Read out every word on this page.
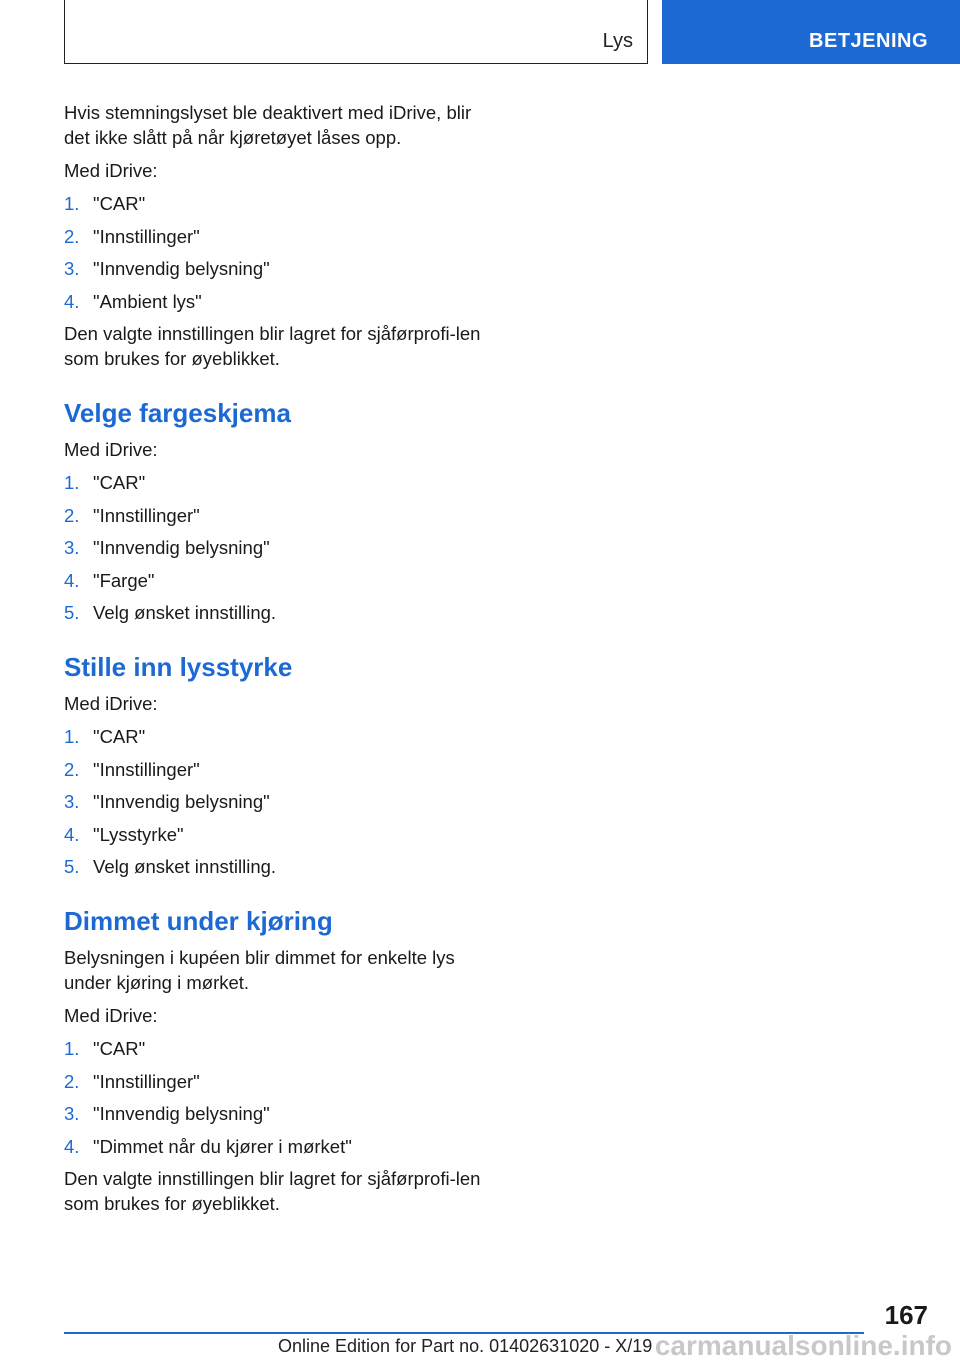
Lys	BETJENING

Hvis stemningslyset ble deaktivert med iDrive, blir det ikke slått på når kjøretøyet låses opp.

Med iDrive:

1. "CAR"
2. "Innstillinger"
3. "Innvendig belysning"
4. "Ambient lys"

Den valgte innstillingen blir lagret for sjåførprofi-len som brukes for øyeblikket.

Velge fargeskjema

Med iDrive:

1. "CAR"
2. "Innstillinger"
3. "Innvendig belysning"
4. "Farge"
5. Velg ønsket innstilling.
Stille inn lysstyrke

Med iDrive:

1. "CAR"
2. "Innstillinger"
3. "Innvendig belysning"
4. "Lysstyrke"
5. Velg ønsket innstilling.
Dimmet under kjøring

Belysningen i kupéen blir dimmet for enkelte lys under kjøring i mørket.

Med iDrive:

1. "CAR"
2. "Innstillinger"
3. "Innvendig belysning"
4. "Dimmet når du kjører i mørket"

Den valgte innstillingen blir lagret for sjåførprofi-len som brukes for øyeblikket.

167
Online Edition for Part no. 01402631020 - X/19 carmanualsonline.info
